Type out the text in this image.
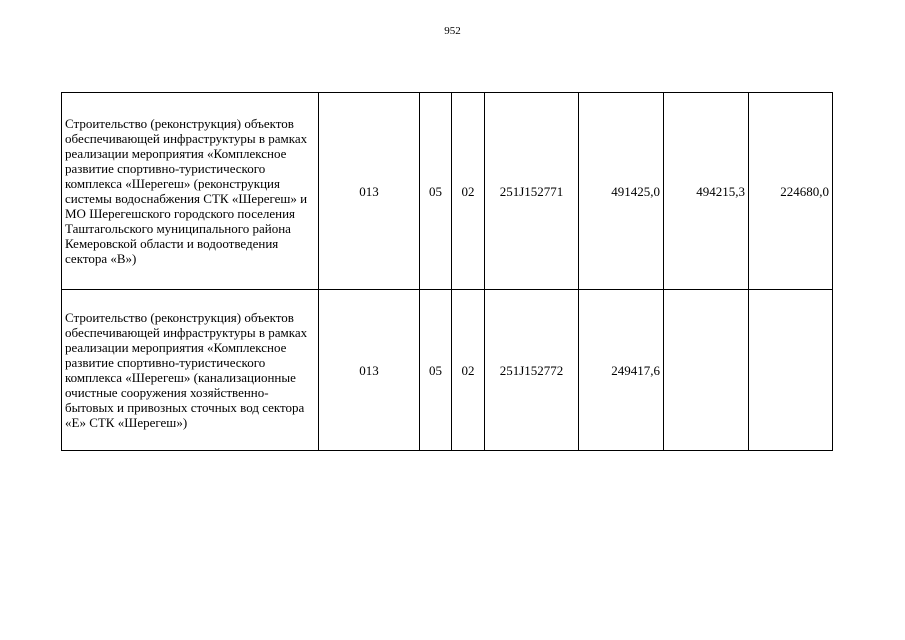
952
Строительство (реконструкция) объектов обеспечивающей инфраструктуры в рамках реализации мероприятия «Комплексное развитие спортивно-туристического комплекса «Шерегеш» (реконструкция системы водоснабжения СТК «Шерегеш» и МО Шерегешского городского поселения Таштагольского муниципального района Кемеровской области и водоотведения сектора «В»)	013	05	02	251J152771	491425,0	494215,3	224680,0
Строительство (реконструкция) объектов обеспечивающей инфраструктуры в рамках реализации мероприятия «Комплексное развитие спортивно-туристического комплекса «Шерегеш» (канализационные очистные сооружения хозяйственно-бытовых и привозных сточных вод сектора «Е» СТК «Шерегеш»)	013	05	02	251J152772	249417,6		
